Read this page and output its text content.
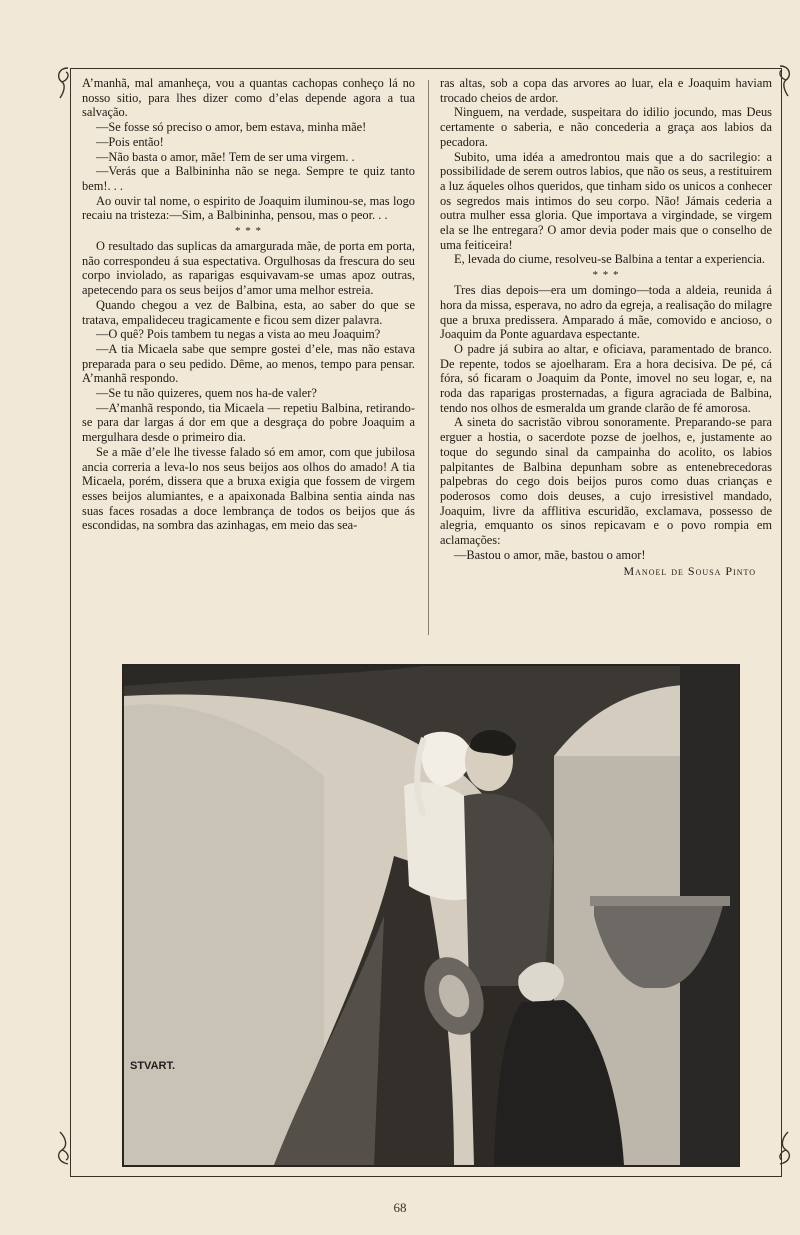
A’manhã, mal amanheça, vou a quantas cachopas conheço lá no nosso sitio, para lhes dizer como d’elas depende agora a tua salvação.

—Se fosse só preciso o amor, bem estava, minha mãe!

—Pois então!

—Não basta o amor, mãe! Tem de ser uma virgem. .

—Verás que a Balbininha não se nega. Sempre te quiz tanto bem!. . .

Ao ouvir tal nome, o espirito de Joaquim iluminou-se, mas logo recaiu na tristeza:—Sim, a Balbininha, pensou, mas o peor. . .

* * *

O resultado das suplicas da amargurada mãe, de porta em porta, não correspondeu á sua espectativa. Orgulhosas da frescura do seu corpo inviolado, as raparigas esquivavam-se umas apoz outras, apetecendo para os seus beijos d’amor uma melhor estreia.

Quando chegou a vez de Balbina, esta, ao saber do que se tratava, empalideceu tragicamente e ficou sem dizer palavra.

—O quê? Pois tambem tu negas a vista ao meu Joaquim?

—A tia Micaela sabe que sempre gostei d’ele, mas não estava preparada para o seu pedido. Dême, ao menos, tempo para pensar. A’manhã respondo.

—Se tu não quizeres, quem nos ha-de valer?

—A’manhã respondo, tia Micaela — repetiu Balbina, retirando-se para dar largas á dor em que a desgraça do pobre Joaquim a mergulhara desde o primeiro dia.

Se a mãe d’ele lhe tivesse falado só em amor, com que jubilosa ancia correria a leva-lo nos seus beijos aos olhos do amado! A tia Micaela, porém, dissera que a bruxa exigia que fossem de virgem esses beijos alumiantes, e a apaixonada Balbina sentia ainda nas suas faces rosadas a doce lembrança de todos os beijos que ás escondidas, na sombra das azinhagas, em meio das sea-

ras altas, sob a copa das arvores ao luar, ela e Joaquim haviam trocado cheios de ardor.

Ninguem, na verdade, suspeitara do idilio jocundo, mas Deus certamente o saberia, e não concederia a graça aos labios da pecadora.

Subito, uma idéa a amedrontou mais que a do sacrilegio: a possibilidade de serem outros labios, que não os seus, a restituirem a luz áqueles olhos queridos, que tinham sido os unicos a conhecer os segredos mais intimos do seu corpo. Não! Jámais cederia a outra mulher essa gloria. Que importava a virgindade, se virgem ela se lhe entregara? O amor devia poder mais que o conselho de uma feiticeira!

E, levada do ciume, resolveu-se Balbina a tentar a experiencia.

* * *

Tres dias depois—era um domingo—toda a aldeia, reunida á hora da missa, esperava, no adro da egreja, a realisação do milagre que a bruxa predissera. Amparado á mãe, comovido e ancioso, o Joaquim da Ponte aguardava espectante.

O padre já subira ao altar, e oficiava, paramentado de branco. De repente, todos se ajoelharam. Era a hora decisiva. De pé, cá fóra, só ficaram o Joaquim da Ponte, imovel no seu logar, e, na roda das raparigas prosternadas, a figura agraciada de Balbina, tendo nos olhos de esmeralda um grande clarão de fé amorosa.

A sineta do sacristão vibrou sonoramente. Preparando-se para erguer a hostia, o sacerdote pozse de joelhos, e, justamente ao toque do segundo sinal da campainha do acolito, os labios palpitantes de Balbina depunham sobre as entenebrecedoras palpebras do cego dois beijos puros como duas crianças e poderosos como dois deuses, a cujo irresistivel mandado, Joaquim, livre da afflitiva escuridão, exclamava, possesso de alegria, emquanto os sinos repicavam e o povo rompia em aclamações:

—Bastou o amor, mãe, bastou o amor!

Manoel de Sousa Pinto
STVART.
68
